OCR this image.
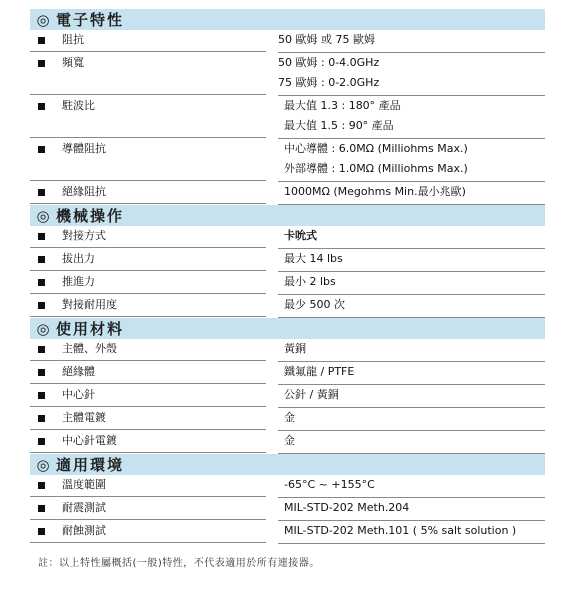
◎ 電子特性
阻抗	50 歐姆 或 75 歐姆
頻寬	50 歐姆 : 0-4.0GHz
75 歐姆 : 0-2.0GHz
駐波比	最大值 1.3 : 180° 產品
最大值 1.5 : 90° 產品
導體阻抗	中心導體 : 6.0MΩ (Milliohms Max.)
外部導體 : 1.0MΩ (Milliohms Max.)
絕緣阻抗	1000MΩ (Megohms Min.最小兆歐)
◎ 機械操作
對接方式	卡吮式
拔出力	最大 14 lbs
推進力	最小 2 lbs
對接耐用度	最少 500 次
◎ 使用材料
主體、外殼	黃銅
絕緣體	鐵氟龍 / PTFE
中心針	公針 / 黃銅
主體電鍍	金
中心針電鍍	金
◎ 適用環境
溫度範圍	-65°C ~ +155°C
耐震測試	MIL-STD-202 Meth.204
耐蝕測試	MIL-STD-202 Meth.101 ( 5% salt solution )
註：以上特性屬概括(一般)特性，不代表適用於所有連接器。
